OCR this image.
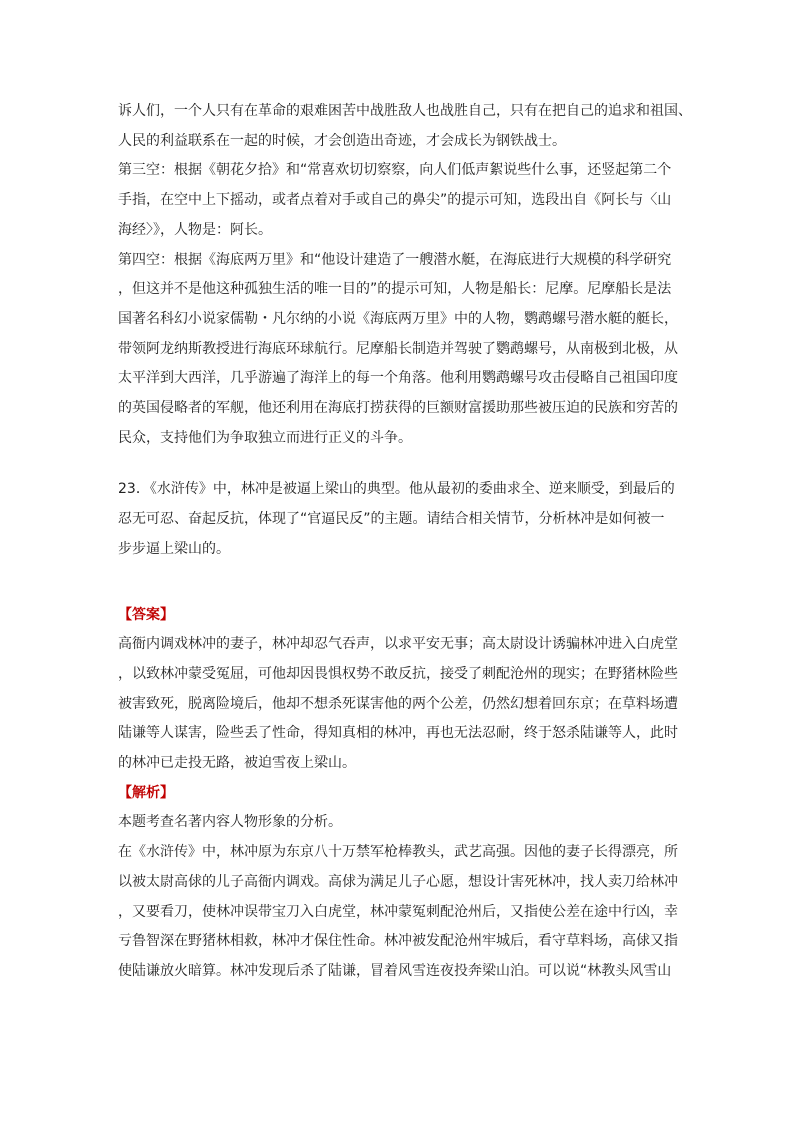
诉人们，一个人只有在革命的艰难困苦中战胜敌人也战胜自己，只有在把自己的追求和祖国、

人民的利益联系在一起的时候，才会创造出奇迹，才会成长为钢铁战士。

第三空：根据《朝花夕拾》和“常喜欢切切察察，向人们低声絮说些什么事，还竖起第二个

手指，在空中上下摇动，或者点着对手或自己的鼻尖”的提示可知，选段出自《阿长与〈山

海经〉》，人物是：阿长。

第四空：根据《海底两万里》和“他设计建造了一艘潜水艇，在海底进行大规模的科学研究

，但这并不是他这种孤独生活的唯一目的”的提示可知，人物是船长：尼摩。尼摩船长是法

国著名科幻小说家儒勒・凡尔纳的小说《海底两万里》中的人物，鹦鹉螺号潜水艇的艇长，

带领阿龙纳斯教授进行海底环球航行。尼摩船长制造并驾驶了鹦鹉螺号，从南极到北极，从

太平洋到大西洋，几乎游遍了海洋上的每一个角落。他利用鹦鹉螺号攻击侵略自己祖国印度

的英国侵略者的军舰，他还利用在海底打捞获得的巨额财富援助那些被压迫的民族和穷苦的

民众，支持他们为争取独立而进行正义的斗争。

23．《水浒传》中，林冲是被逼上梁山的典型。他从最初的委曲求全、逆来顺受，到最后的

忍无可忍、奋起反抗，体现了“官逼民反”的主题。请结合相关情节，分析林冲是如何被一

步步逼上梁山的。

【答案】

高衙内调戏林冲的妻子，林冲却忍气吞声，以求平安无事；高太尉设计诱骗林冲进入白虎堂

，以致林冲蒙受冤屈，可他却因畏惧权势不敢反抗，接受了刺配沧州的现实；在野猪林险些

被害致死，脱离险境后，他却不想杀死谋害他的两个公差，仍然幻想着回东京；在草料场遭

陆谦等人谋害，险些丢了性命，得知真相的林冲，再也无法忍耐，终于怒杀陆谦等人，此时

的林冲已走投无路，被迫雪夜上梁山。

【解析】

本题考查名著内容人物形象的分析。

在《水浒传》中，林冲原为东京八十万禁军枪棒教头，武艺高强。因他的妻子长得漂亮，所

以被太尉高俅的儿子高衙内调戏。高俅为满足儿子心愿，想设计害死林冲，找人卖刀给林冲

，又要看刀，使林冲误带宝刀入白虎堂，林冲蒙冤刺配沧州后，又指使公差在途中行凶，幸

亏鲁智深在野猪林相救，林冲才保住性命。林冲被发配沧州牢城后，看守草料场，高俅又指

使陆谦放火暗算。林冲发现后杀了陆谦，冒着风雪连夜投奔梁山泊。可以说“林教头风雪山
